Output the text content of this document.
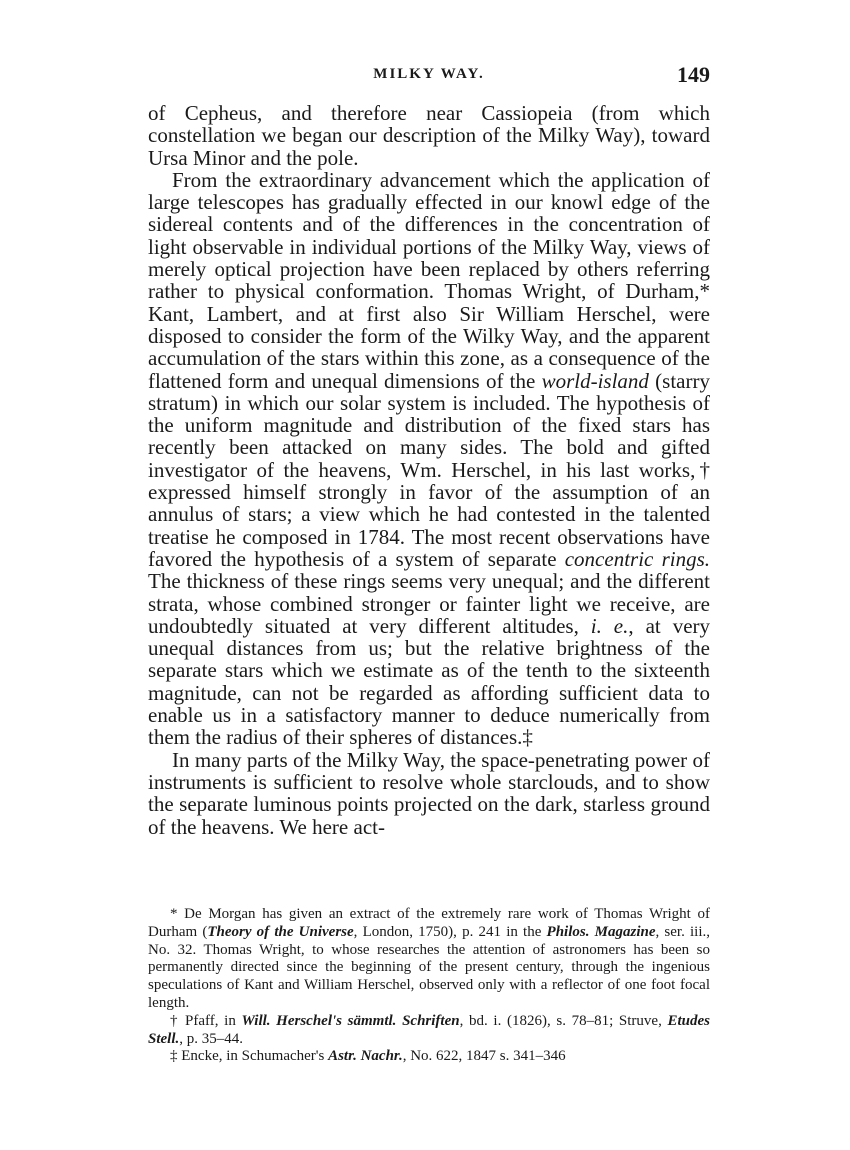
MILKY WAY.	149

of Cepheus, and therefore near Cassiopeia (from which constellation we began our description of the Milky Way), toward Ursa Minor and the pole.

From the extraordinary advancement which the application of large telescopes has gradually effected in our knowl edge of the sidereal contents and of the differences in the concentration of light observable in individual portions of the Milky Way, views of merely optical projection have been replaced by others referring rather to physical conformation. Thomas Wright, of Durham,* Kant, Lambert, and at first also Sir William Herschel, were disposed to consider the form of the Wilky Way, and the apparent accumulation of the stars within this zone, as a consequence of the flattened form and unequal dimensions of the world-island (starry stratum) in which our solar system is included. The hypothesis of the uniform magnitude and distribution of the fixed stars has recently been attacked on many sides. The bold and gifted investigator of the heavens, Wm. Herschel, in his last works,† expressed himself strongly in favor of the assumption of an annulus of stars; a view which he had contested in the talented treatise he composed in 1784. The most recent observations have favored the hypothesis of a system of separate concentric rings. The thickness of these rings seems very unequal; and the different strata, whose combined stronger or fainter light we receive, are undoubtedly situated at very different altitudes, i. e., at very unequal distances from us; but the relative brightness of the separate stars which we estimate as of the tenth to the sixteenth magnitude, can not be regarded as affording sufficient data to enable us in a satisfactory manner to deduce numerically from them the radius of their spheres of distances.‡

In many parts of the Milky Way, the space-penetrating power of instruments is sufficient to resolve whole starclouds, and to show the separate luminous points projected on the dark, starless ground of the heavens. We here act-

* De Morgan has given an extract of the extremely rare work of Thomas Wright of Durham (Theory of the Universe, London, 1750), p. 241 in the Philos. Magazine, ser. iii., No. 32. Thomas Wright, to whose researches the attention of astronomers has been so permanently directed since the beginning of the present century, through the ingenious speculations of Kant and William Herschel, observed only with a reflector of one foot focal length.

† Pfaff, in Will. Herschel's sämmtl. Schriften, bd. i. (1826), s. 78–81; Struve, Etudes Stell., p. 35–44.

‡ Encke, in Schumacher's Astr. Nachr., No. 622, 1847 s. 341–346
